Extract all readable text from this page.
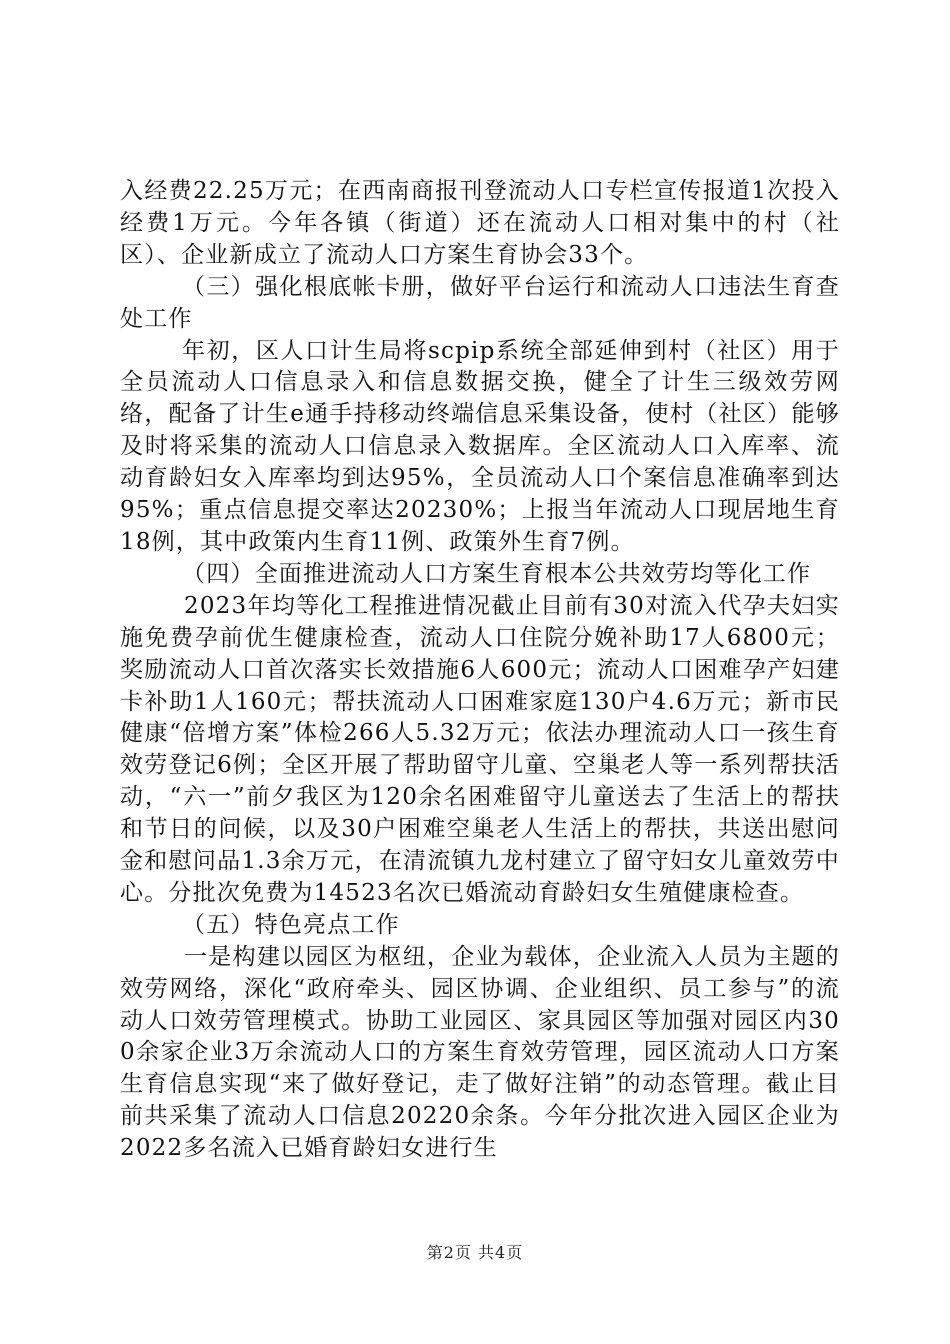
入经费22.25万元；在西南商报刊登流动人口专栏宣传报道1次投入经费1万元。今年各镇（街道）还在流动人口相对集中的村（社区）、企业新成立了流动人口方案生育协会33个。

（三）强化根底帐卡册，做好平台运行和流动人口违法生育查处工作

年初，区人口计生局将scpip系统全部延伸到村（社区）用于全员流动人口信息录入和信息数据交换，健全了计生三级效劳网络，配备了计生e通手持移动终端信息采集设备，使村（社区）能够及时将采集的流动人口信息录入数据库。全区流动人口入库率、流动育龄妇女入库率均到达95%，全员流动人口个案信息准确率到达95%；重点信息提交率达20230%；上报当年流动人口现居地生育18例，其中政策内生育11例、政策外生育7例。

（四）全面推进流动人口方案生育根本公共效劳均等化工作

2023年均等化工程推进情况截止目前有30对流入代孕夫妇实施免费孕前优生健康检查，流动人口住院分娩补助17人6800元；奖励流动人口首次落实长效措施6人600元；流动人口困难孕产妇建卡补助1人160元；帮扶流动人口困难家庭130户4.6万元；新市民健康“倍增方案”体检266人5.32万元；依法办理流动人口一孩生育效劳登记6例；全区开展了帮助留守儿童、空巢老人等一系列帮扶活动，“六一”前夕我区为120余名困难留守儿童送去了生活上的帮扶和节日的问候，以及30户困难空巢老人生活上的帮扶，共送出慰问金和慰问品1.3余万元，在清流镇九龙村建立了留守妇女儿童效劳中心。分批次免费为14523名次已婚流动育龄妇女生殖健康检查。

（五）特色亮点工作

一是构建以园区为枢纽，企业为载体，企业流入人员为主题的效劳网络，深化“政府牵头、园区协调、企业组织、员工参与”的流动人口效劳管理模式。协助工业园区、家具园区等加强对园区内300余家企业3万余流动人口的方案生育效劳管理，园区流动人口方案生育信息实现“来了做好登记，走了做好注销”的动态管理。截止目前共采集了流动人口信息20220余条。今年分批次进入园区企业为2022多名流入已婚育龄妇女进行生

第2页 共4页
